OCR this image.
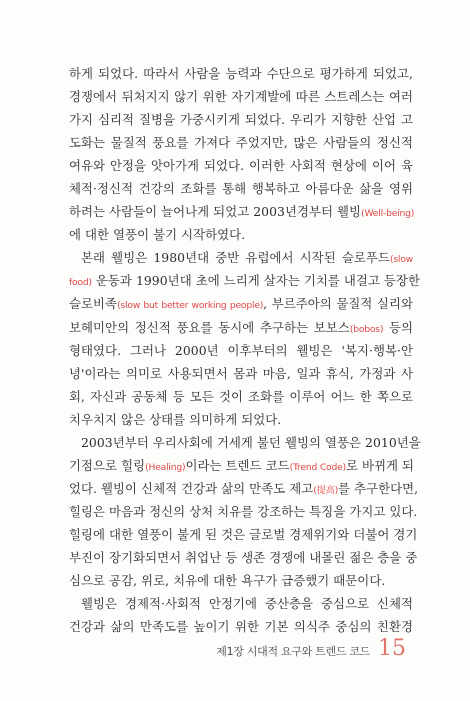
하게 되었다. 따라서 사람을 능력과 수단으로 평가하게 되었고,
경쟁에서 뒤처지지 않기 위한 자기계발에 따른 스트레스는 여러
가지 심리적 질병을 가중시키게 되었다. 우리가 지향한 산업 고
도화는 물질적 풍요를 가져다 주었지만, 많은 사람들의 정신적
여유와 안정을 앗아가게 되었다. 이러한 사회적 현상에 이어 육
체적·정신적 건강의 조화를 통해 행복하고 아름다운 삶을 영위
하려는 사람들이 늘어나게 되었고 2003년경부터 웰빙(Well-being)
에 대한 열풍이 불기 시작하였다.
본래 웰빙은 1980년대 중반 유럽에서 시작된 슬로푸드(slow
food) 운동과 1990년대 초에 느리게 살자는 기치를 내걸고 등장한
슬로비족(slow but better working people), 부르주아의 물질적 실리와
보헤미안의 정신적 풍요를 동시에 추구하는 보보스(bobos) 등의
형태였다. 그러나 2000년 이후부터의 웰빙은 '복지·행복·안
녕'이라는 의미로 사용되면서 몸과 마음, 일과 휴식, 가정과 사
회, 자신과 공동체 등 모든 것이 조화를 이루어 어느 한 쪽으로
치우치지 않은 상태를 의미하게 되었다.
2003년부터 우리사회에 거세게 불던 웰빙의 열풍은 2010년을
기점으로 힐링(Healing)이라는 트렌드 코드(Trend Code)로 바뀌게 되
었다. 웰빙이 신체적 건강과 삶의 만족도 제고(提高)를 추구한다면,
힐링은 마음과 정신의 상처 치유를 강조하는 특징을 가지고 있다.
힐링에 대한 열풍이 불게 된 것은 글로벌 경제위기와 더불어 경기
부진이 장기화되면서 취업난 등 생존 경쟁에 내몰린 젊은 층을 중
심으로 공감, 위로, 치유에 대한 욕구가 급증했기 때문이다.
웰빙은 경제적·사회적 안정기에 중산층을 중심으로 신체적
건강과 삶의 만족도를 높이기 위한 기본 의식주 중심의 친환경
제1장 시대적 요구와 트렌드 코드 15
